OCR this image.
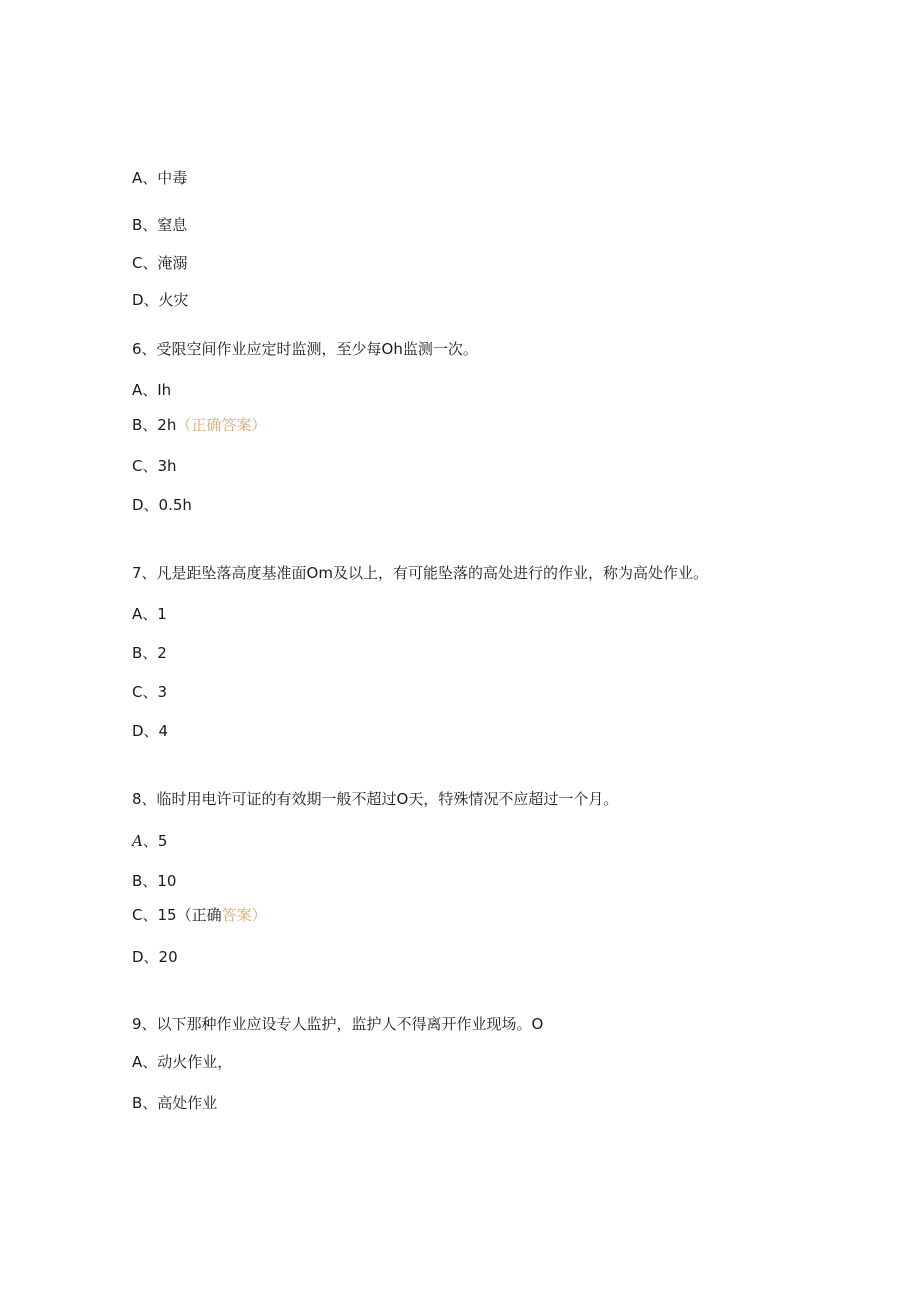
A、中毒
B、窒息
C、淹溺
D、火灾
6、受限空间作业应定时监测，至少每Oh监测一次。
A、Ih
B、2h（正确答案）
C、3h
D、0.5h
7、凡是距坠落高度基准面Om及以上，有可能坠落的高处进行的作业，称为高处作业。
A、1
B、2
C、3
D、4
8、临时用电许可证的有效期一般不超过O天，特殊情况不应超过一个月。
A、5
B、10
C、15（正确答案）
D、20
9、以下那种作业应设专人监护，监护人不得离开作业现场。O
A、动火作业，
B、高处作业
